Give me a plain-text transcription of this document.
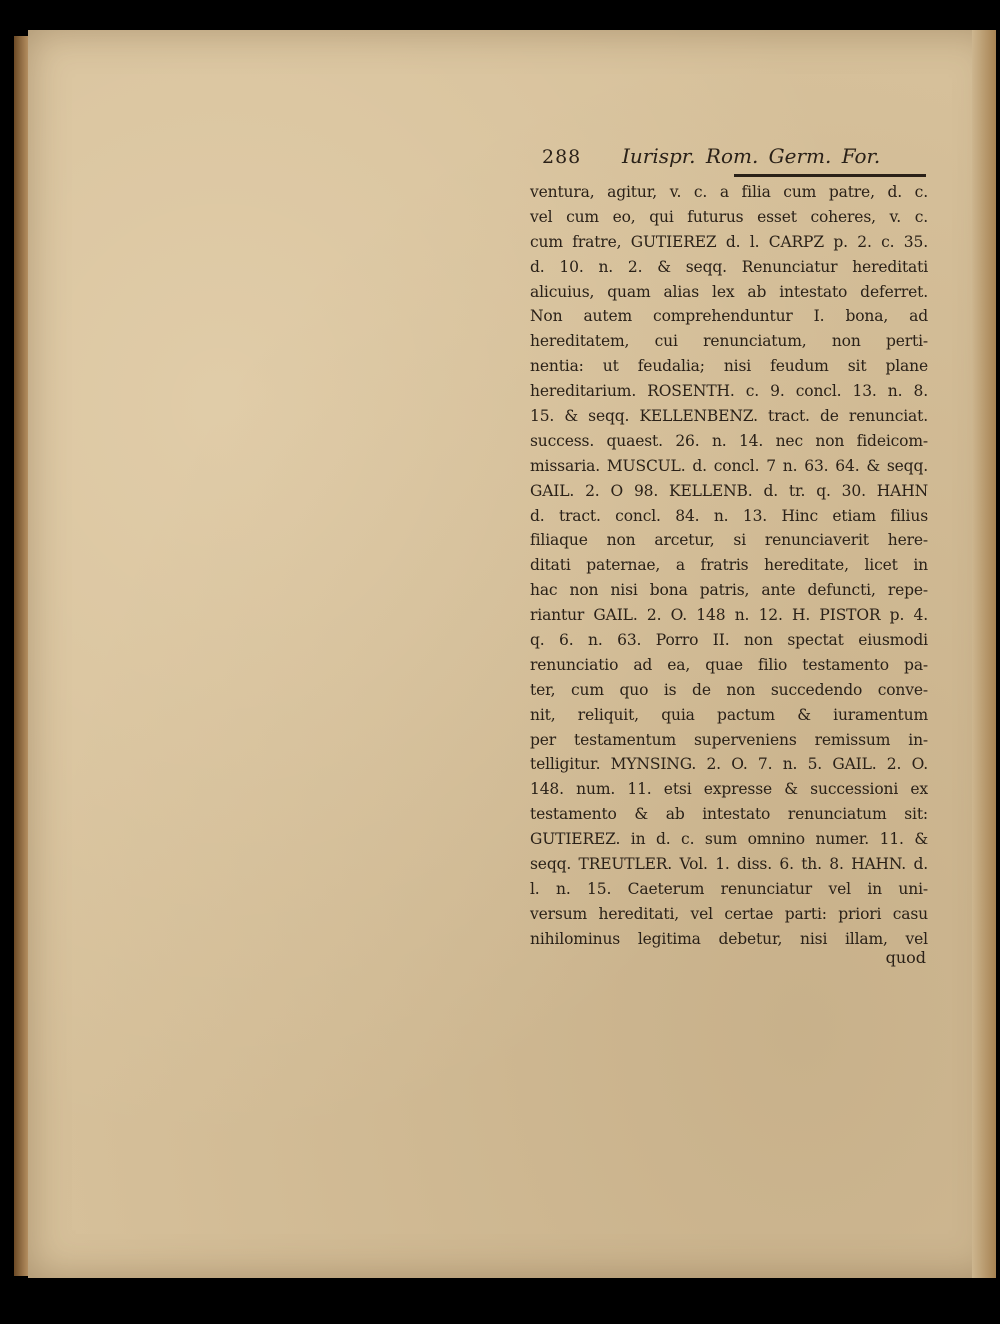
288 Iurispr. Rom. Germ. For.
ventura, agitur, v. c. a filia cum patre, d. c.
vel cum eo, qui futurus esset coheres, v. c.
cum fratre, GUTIEREZ d. l. CARPZ p. 2. c. 35.
d. 10. n. 2. & seqq. Renunciatur hereditati
alicuius, quam alias lex ab intestato deferret.
Non autem comprehenduntur I. bona, ad
hereditatem, cui renunciatum, non perti-
nentia: ut feudalia; nisi feudum sit plane
hereditarium. ROSENTH. c. 9. concl. 13. n. 8.
15. & seqq. KELLENBENZ. tract. de renunciat.
success. quaest. 26. n. 14. nec non fideicom-
missaria. MUSCUL. d. concl. 7 n. 63. 64. & seqq.
GAIL. 2. O 98. KELLENB. d. tr. q. 30. HAHN
d. tract. concl. 84. n. 13. Hinc etiam filius
filiaque non arcetur, si renunciaverit here-
ditati paternae, a fratris hereditate, licet in
hac non nisi bona patris, ante defuncti, repe-
riantur GAIL. 2. O. 148 n. 12. H. PISTOR p. 4.
q. 6. n. 63. Porro II. non spectat eiusmodi
renunciatio ad ea, quae filio testamento pa-
ter, cum quo is de non succedendo conve-
nit, reliquit, quia pactum & iuramentum
per testamentum superveniens remissum in-
telligitur. MYNSING. 2. O. 7. n. 5. GAIL. 2. O.
148. num. 11. etsi expresse & successioni ex
testamento & ab intestato renunciatum sit:
GUTIEREZ. in d. c. sum omnino numer. 11. &
seqq. TREUTLER. Vol. 1. diss. 6. th. 8. HAHN. d.
l. n. 15. Caeterum renunciatur vel in uni-
versum hereditati, vel certae parti: priori casu
nihilominus legitima debetur, nisi illam, vel
quod
